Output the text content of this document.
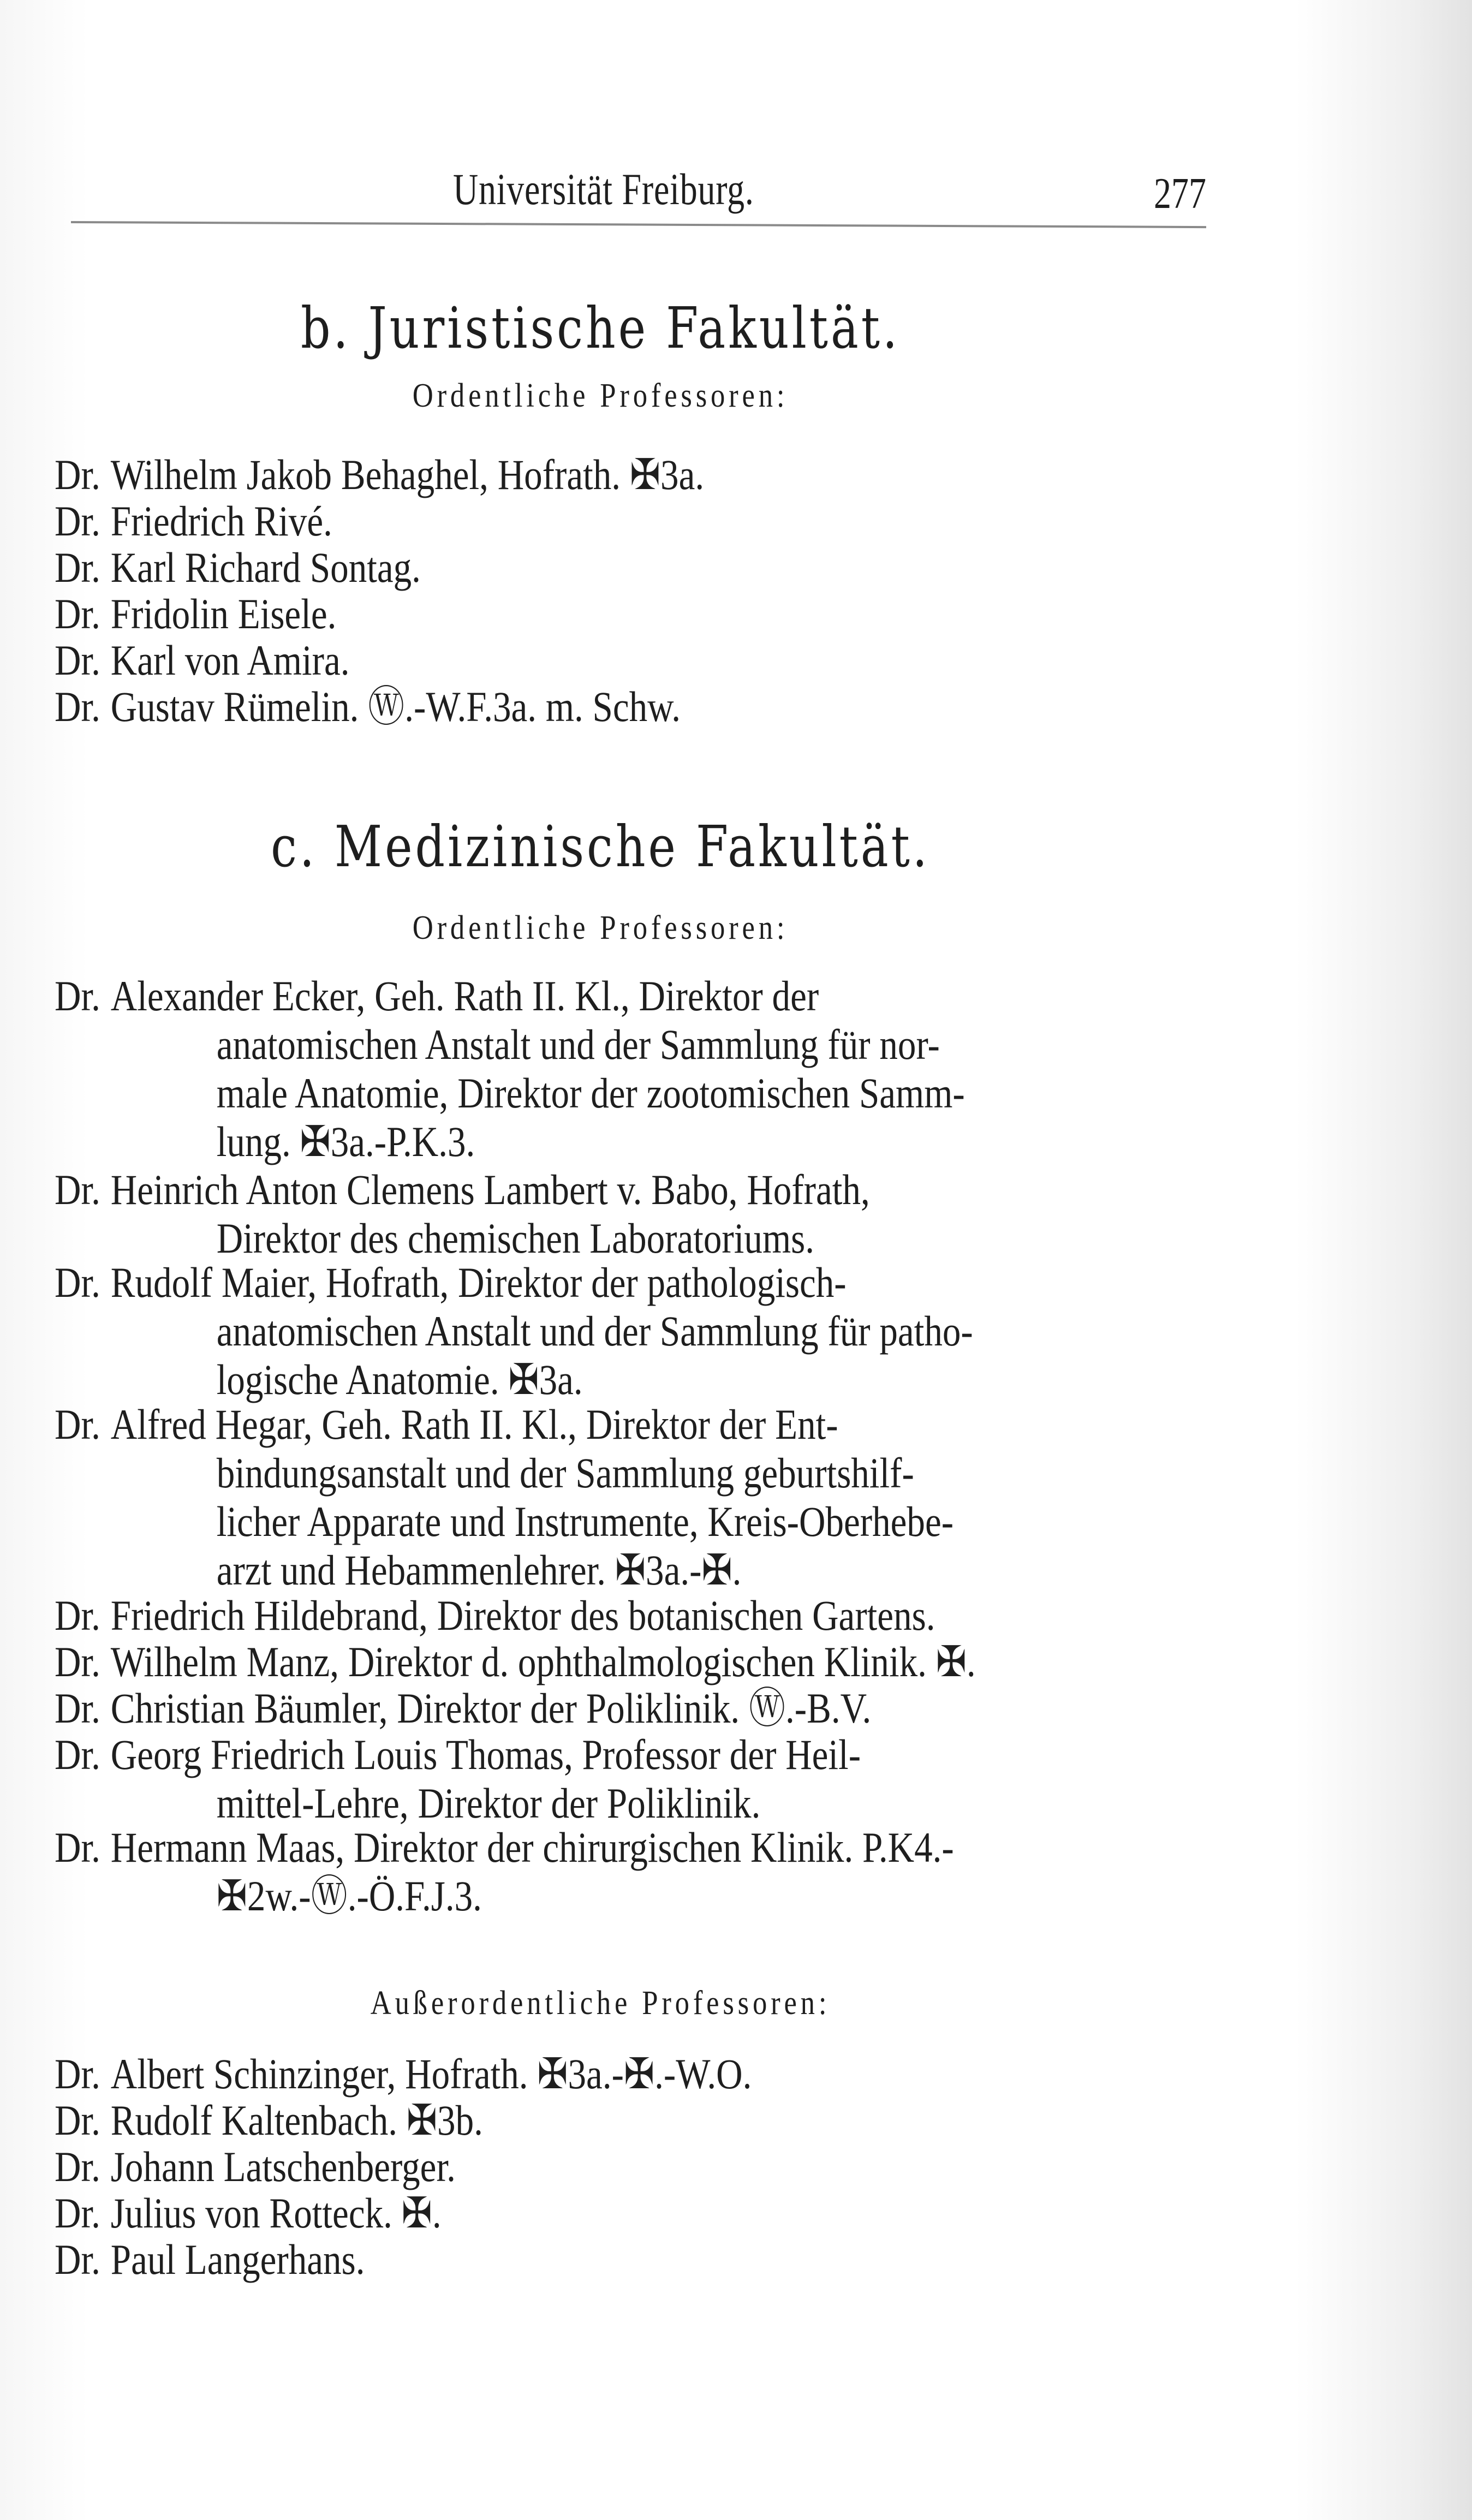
Universität Freiburg.	277
b. Juristische Fakultät.
Ordentliche Professoren:
Dr. Wilhelm Jakob Behaghel, Hofrath. ✠3a.
Dr. Friedrich Rivé.
Dr. Karl Richard Sontag.
Dr. Fridolin Eisele.
Dr. Karl von Amira.
Dr. Gustav Rümelin. Ⓦ.-W.F.3a. m. Schw.
c. Medizinische Fakultät.
Ordentliche Professoren:
Dr. Alexander Ecker, Geh. Rath II. Kl., Direktor der
anatomischen Anstalt und der Sammlung für nor-
male Anatomie, Direktor der zootomischen Samm-
lung. ✠3a.-P.K.3.
Dr. Heinrich Anton Clemens Lambert v. Babo, Hofrath,
Direktor des chemischen Laboratoriums.
Dr. Rudolf Maier, Hofrath, Direktor der pathologisch-
anatomischen Anstalt und der Sammlung für patho-
logische Anatomie. ✠3a.
Dr. Alfred Hegar, Geh. Rath II. Kl., Direktor der Ent-
bindungsanstalt und der Sammlung geburtshilf-
licher Apparate und Instrumente, Kreis-Oberhebe-
arzt und Hebammenlehrer. ✠3a.-✠.
Dr. Friedrich Hildebrand, Direktor des botanischen Gartens.
Dr. Wilhelm Manz, Direktor d. ophthalmologischen Klinik. ✠.
Dr. Christian Bäumler, Direktor der Poliklinik. Ⓦ.-B.V.
Dr. Georg Friedrich Louis Thomas, Professor der Heil-
mittel-Lehre, Direktor der Poliklinik.
Dr. Hermann Maas, Direktor der chirurgischen Klinik. P.K4.-
✠2w.-Ⓦ.-Ö.F.J.3.
Außerordentliche Professoren:
Dr. Albert Schinzinger, Hofrath. ✠3a.-✠.-W.O.
Dr. Rudolf Kaltenbach. ✠3b.
Dr. Johann Latschenberger.
Dr. Julius von Rotteck. ✠.
Dr. Paul Langerhans.
